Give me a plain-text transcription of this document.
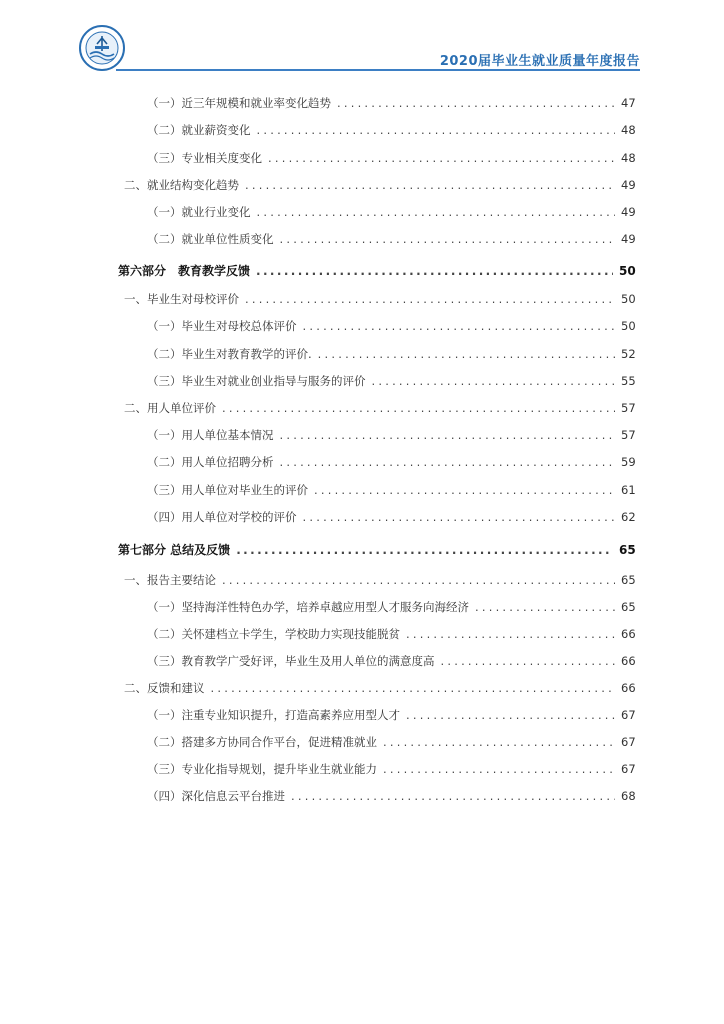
2020届毕业生就业质量年度报告
（一）近三年规模和就业率变化趋势 .....	47
（二）就业薪资变化 .....	48
（三）专业相关度变化 .....	48
二、就业结构变化趋势 .....	49
（一）就业行业变化 .....	49
（二）就业单位性质变化 .....	49
第六部分　教育教学反馈 .....	50
一、毕业生对母校评价 .....	50
（一）毕业生对母校总体评价 .....	50
（二）毕业生对教育教学的评价. .....	52
（三）毕业生对就业创业指导与服务的评价 .....	55
二、用人单位评价 .....	57
（一）用人单位基本情况 .....	57
（二）用人单位招聘分析 .....	59
（三）用人单位对毕业生的评价 .....	61
（四）用人单位对学校的评价 .....	62
第七部分 总结及反馈 .....	65
一、报告主要结论 .....	65
（一）坚持海洋性特色办学，培养卓越应用型人才服务向海经济 .....	65
（二）关怀建档立卡学生，学校助力实现技能脱贫 .....	66
（三）教育教学广受好评，毕业生及用人单位的满意度高 .....	66
二、反馈和建议 .....	66
（一）注重专业知识提升，打造高素养应用型人才 .....	67
（二）搭建多方协同合作平台，促进精准就业 .....	67
（三）专业化指导规划，提升毕业生就业能力 .....	67
（四）深化信息云平台推进 .....	68
